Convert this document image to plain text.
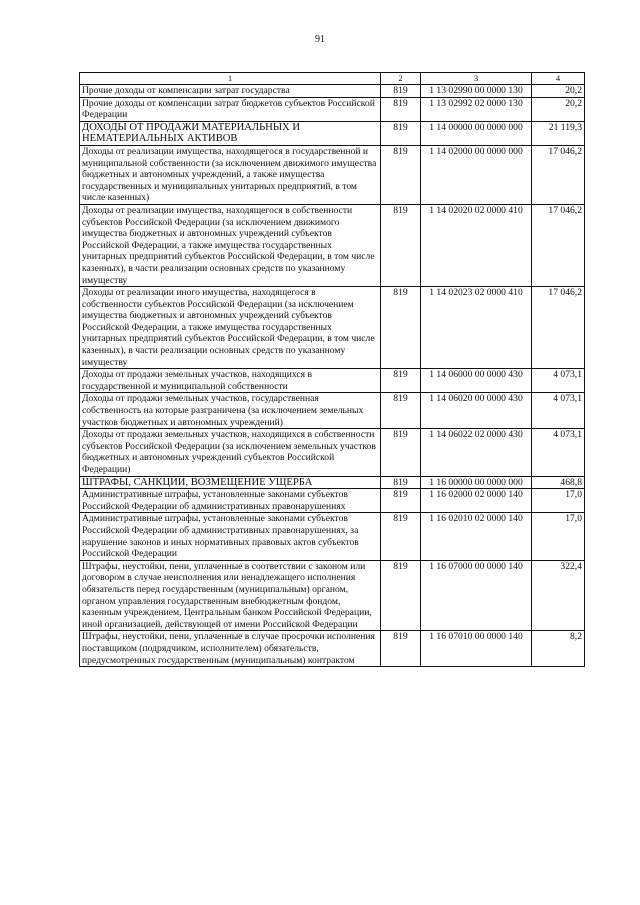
91
1	2	3	4
Прочие доходы от компенсации затрат государства	819	1 13 02990 00 0000 130	20,2
Прочие доходы от компенсации затрат бюджетов субъектов Российской Федерации	819	1 13 02992 02 0000 130	20,2
ДОХОДЫ ОТ ПРОДАЖИ МАТЕРИАЛЬНЫХ И НЕМАТЕРИАЛЬНЫХ АКТИВОВ	819	1 14 00000 00 0000 000	21 119,3
Доходы от реализации имущества, находящегося в государственной и муниципальной собственности (за исключением движимого имущества бюджетных и автономных учреждений, а также имущества государственных и муниципальных унитарных предприятий, в том числе казенных)	819	1 14 02000 00 0000 000	17 046,2
Доходы от реализации имущества, находящегося в собственности субъектов Российской Федерации (за исключением движимого имущества бюджетных и автономных учреждений субъектов Российской Федерации, а также имущества государственных унитарных предприятий субъектов Российской Федерации, в том числе казенных), в части реализации основных средств по указанному имуществу	819	1 14 02020 02 0000 410	17 046,2
Доходы от реализации иного имущества, находящегося в собственности субъектов Российской Федерации (за исключением имущества бюджетных и автономных учреждений субъектов Российской Федерации, а также имущества государственных унитарных предприятий субъектов Российской Федерации, в том числе казенных), в части реализации основных средств по указанному имуществу	819	1 14 02023 02 0000 410	17 046,2
Доходы от продажи земельных участков, находящихся в государственной и муниципальной собственности	819	1 14 06000 00 0000 430	4 073,1
Доходы от продажи земельных участков, государственная собственность на которые разграничена (за исключением земельных участков бюджетных и автономных учреждений)	819	1 14 06020 00 0000 430	4 073,1
Доходы от продажи земельных участков, находящихся в собственности субъектов Российской Федерации (за исключением земельных участков бюджетных и автономных учреждений субъектов Российской Федерации)	819	1 14 06022 02 0000 430	4 073,1
ШТРАФЫ, САНКЦИИ, ВОЗМЕЩЕНИЕ УЩЕРБА	819	1 16 00000 00 0000 000	468,8
Административные штрафы, установленные законами субъектов Российской Федерации об административных правонарушениях	819	1 16 02000 02 0000 140	17,0
Административные штрафы, установленные законами субъектов Российской Федерации об административных правонарушениях, за нарушение законов и иных нормативных правовых актов субъектов Российской Федерации	819	1 16 02010 02 0000 140	17,0
Штрафы, неустойки, пени, уплаченные в соответствии с законом или договором в случае неисполнения или ненадлежащего исполнения обязательств перед государственным (муниципальным) органом, органом управления государственным внебюджетным фондом, казенным учреждением, Центральным банком Российской Федерации, иной организацией, действующей от имени Российской Федерации	819	1 16 07000 00 0000 140	322,4
Штрафы, неустойки, пени, уплаченные в случае просрочки исполнения поставщиком (подрядчиком, исполнителем) обязательств, предусмотренных государственным (муниципальным) контрактом	819	1 16 07010 00 0000 140	8,2
